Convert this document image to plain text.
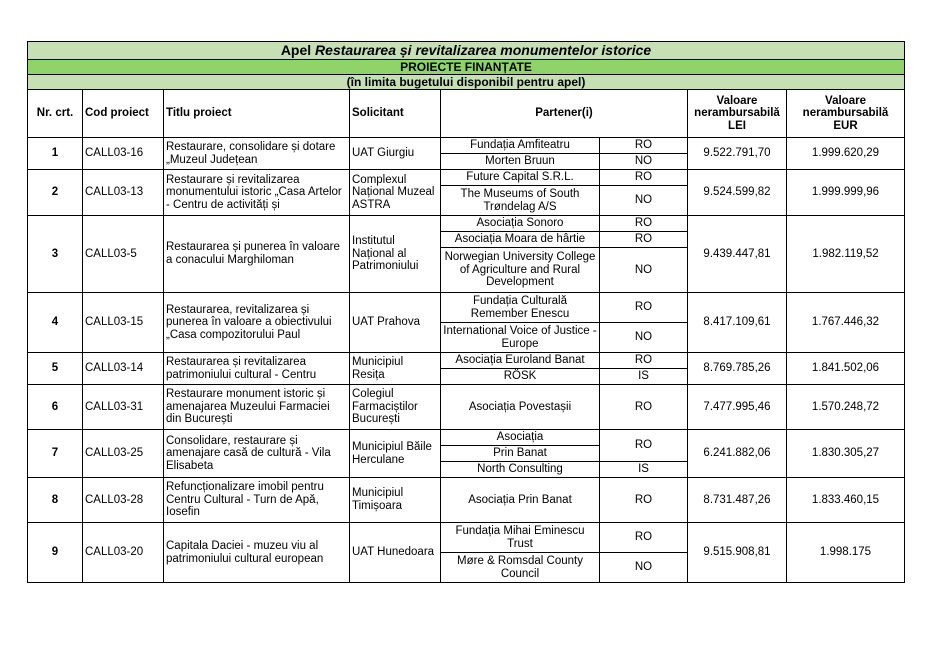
Apel Restaurarea și revitalizarea monumentelor istorice							
PROIECTE FINANȚATE							
(în limita bugetului disponibil pentru apel)							
Nr. crt.	Cod proiect	Titlu proiect	Solicitant	Partener(i)		Valoare nerambursabilă LEI	Valoare nerambursabilă EUR
1	CALL03-16	Restaurare, consolidare și dotare „Muzeul Județean	UAT Giurgiu	Fundația Amfiteatru	RO	9.522.791,70	1.999.620,29
				Morten Bruun	NO		
2	CALL03-13	Restaurare și revitalizarea monumentului istoric „Casa Artelor - Centru de activități și	Complexul Național Muzeal ASTRA	Future Capital S.R.L.	RO	9.524.599,82	1.999.999,96
				The Museums of South Trøndelag A/S	NO		
3	CALL03-5	Restaurarea și punerea în valoare a conacului Marghiloman	Institutul Național al Patrimoniului	Asociația Sonoro	RO	9.439.447,81	1.982.119,52
				Asociația Moara de hârtie	RO		
				Norwegian University College of Agriculture and Rural Development	NO		
4	CALL03-15	Restaurarea, revitalizarea și punerea în valoare a obiectivului „Casa compozitorului Paul	UAT Prahova	Fundația Culturală Remember Enescu	RO	8.417.109,61	1.767.446,32
				International Voice of Justice - Europe	NO		
5	CALL03-14	Restaurarea și revitalizarea patrimoniului cultural - Centru	Municipiul Resița	Asociația Euroland Banat	RO	8.769.785,26	1.841.502,06
				RÖSK	IS		
6	CALL03-31	Restaurare monument istoric și amenajarea Muzeului Farmaciei din București	Colegiul Farmaciștilor București	Asociația Povestașii	RO	7.477.995,46	1.570.248,72
7	CALL03-25	Consolidare, restaurare și amenajare casă de cultură - Vila Elisabeta	Municipiul Băile Herculane	Asociația	RO	6.241.882,06	1.830.305,27
				Prin Banat			
				North Consulting	IS		
8	CALL03-28	Refuncționalizare imobil pentru Centru Cultural - Turn de Apă, Iosefin	Municipiul Timișoara	Asociația Prin Banat	RO	8.731.487,26	1.833.460,15
9	CALL03-20	Capitala Daciei - muzeu viu al patrimoniului cultural european	UAT Hunedoara	Fundația Mihai Eminescu Trust	RO	9.515.908,81	1.998.175
				Møre & Romsdal County Council	NO		
